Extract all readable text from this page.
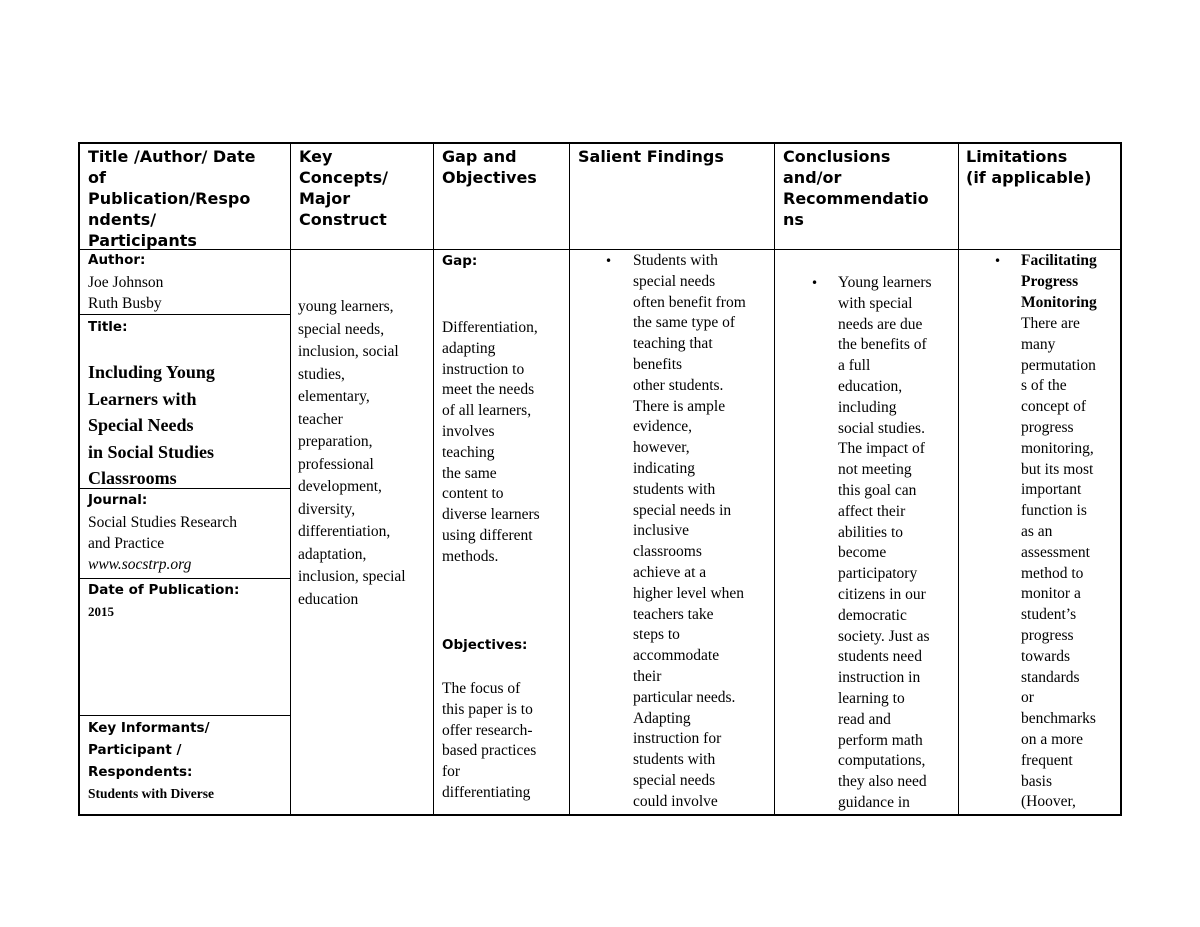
Title /Author/ Date
of
Publication/Respo
ndents/
Participants
Key
Concepts/
Major
Construct
Gap and
Objectives
Salient Findings	Conclusions
and/or
Recommendatio
ns
Limitations
(if applicable)
Author:
Joe Johnson
Ruth Busby
Title:
Including Young
Learners with
Special Needs
in Social Studies
Classrooms
Journal:
Social Studies Research
and Practice
www.socstrp.org
Date of Publication:
2015
Key Informants/
Participant /
Respondents:
Students with Diverse
young learners,
special needs,
inclusion, social
studies,
elementary,
teacher
preparation,
professional
development,
diversity,
differentiation,
adaptation,
inclusion, special
education
Gap:
Differentiation,
adapting
instruction to
meet the needs
of all learners,
involves
teaching
the same
content to
diverse learners
using different
methods.
Objectives:
The focus of
this paper is to
offer research-
based practices
for
differentiating
• Students with
special needs
often benefit from
the same type of
teaching that
benefits
other students.
There is ample
evidence,
however,
indicating
students with
special needs in
inclusive
classrooms
achieve at a
higher level when
teachers take
steps to
accommodate
their
particular needs.
Adapting
instruction for
students with
special needs
could involve
• Young learners
with special
needs are due
the benefits of
a full
education,
including
social studies.
The impact of
not meeting
this goal can
affect their
abilities to
become
participatory
citizens in our
democratic
society. Just as
students need
instruction in
learning to
read and
perform math
computations,
they also need
guidance in
• Facilitating
Progress
Monitoring
There are
many
permutation
s of the
concept of
progress
monitoring,
but its most
important
function is
as an
assessment
method to
monitor a
student’s
progress
towards
standards
or
benchmarks
on a more
frequent
basis
(Hoover,
